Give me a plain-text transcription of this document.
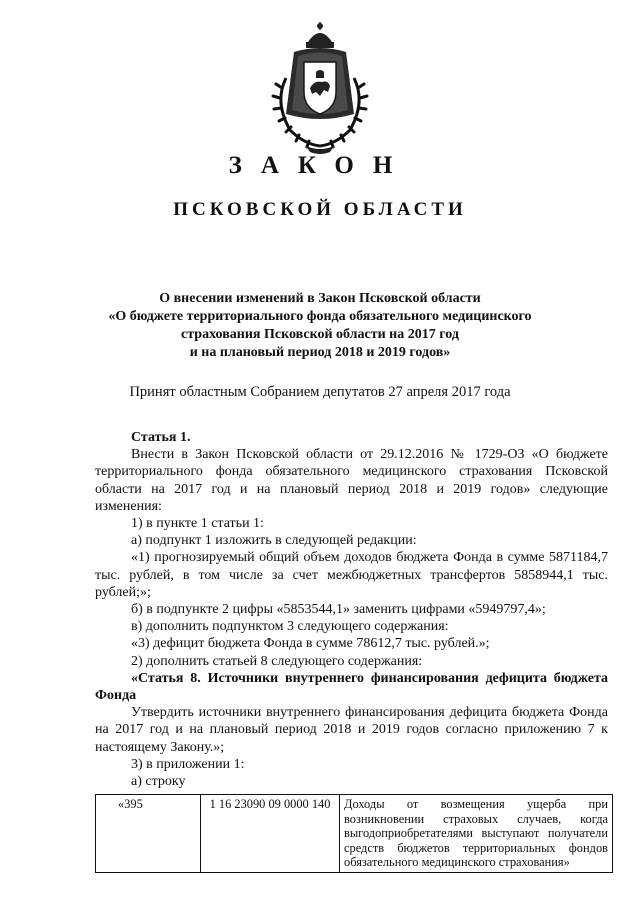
ЗАКОН
ПСКОВСКОЙ ОБЛАСТИ
О внесении изменений в Закон Псковской области
«О бюджете территориального фонда обязательного медицинского
страхования Псковской области на 2017 год
и на плановый период 2018 и 2019 годов»
Принят областным Собранием депутатов 27 апреля 2017 года

Статья 1.

Внести в Закон Псковской области от 29.12.2016 № 1729-ОЗ «О бюджете территориального фонда обязательного медицинского страхования Псковской области на 2017 год и на плановый период 2018 и 2019 годов» следующие изменения:

1) в пункте 1 статьи 1:

а) подпункт 1 изложить в следующей редакции:

«1) прогнозируемый общий объем доходов бюджета Фонда в сумме 5871184,7 тыс. рублей, в том числе за счет межбюджетных трансфертов 5858944,1 тыс. рублей;»;

б) в подпункте 2 цифры «5853544,1» заменить цифрами «5949797,4»;

в) дополнить подпунктом 3 следующего содержания:

«3) дефицит бюджета Фонда в сумме 78612,7 тыс. рублей.»;

2) дополнить статьей 8 следующего содержания:

«Статья 8. Источники внутреннего финансирования дефицита бюджета Фонда

Утвердить источники внутреннего финансирования дефицита бюджета Фонда на 2017 год и на плановый период 2018 и 2019 годов согласно приложению 7 к настоящему Закону.»;

3) в приложении 1:

а) строку

«395	1 16 23090 09 0000 140	Доходы от возмещения ущерба при возникновении страховых случаев, когда выгодоприобретателями выступают получатели средств бюджетов территориальных фондов обязательного медицинского страхования»
